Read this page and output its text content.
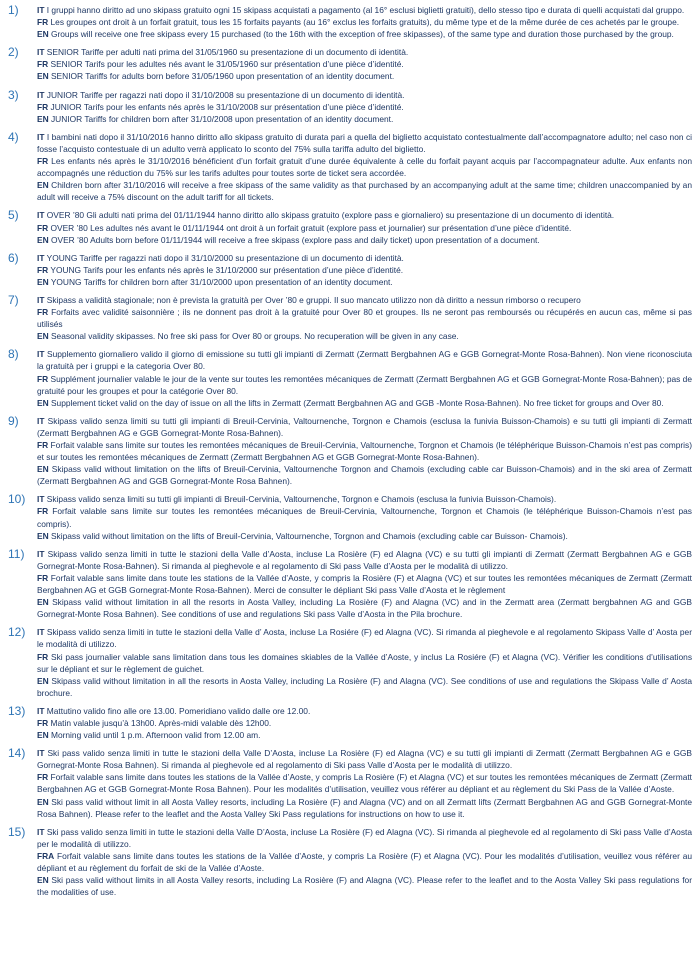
1)	IT I gruppi hanno diritto ad uno skipass gratuito ogni 15 skipass acquistati a pagamento (al 16° esclusi biglietti gratuiti), dello stesso tipo e durata di quelli acquistati dal gruppo.

FR Les groupes ont droit à un forfait gratuit, tous les 15 forfaits payants (au 16° exclus les forfaits gratuits), du même type et de la même durée de ces achetés par le groupe.

EN Groups will receive one free skipass every 15 purchased (to the 16th with the exception of free skipasses), of the same type and duration those purchased by the group.

2)	IT SENIOR Tariffe per adulti nati prima del 31/05/1960 su presentazione di un documento di identità.

FR SENIOR Tarifs pour les adultes nés avant le 31/05/1960 sur présentation d’une pièce d’identité.

EN SENIOR Tariffs for adults born before 31/05/1960 upon presentation of an identity document.

3)	IT JUNIOR Tariffe per ragazzi nati dopo il 31/10/2008 su presentazione di un documento di identità.

FR JUNIOR Tarifs pour les enfants nés après le 31/10/2008 sur présentation d’une pièce d’identité.

EN JUNIOR Tariffs for children born after 31/10/2008 upon presentation of an identity document.

4)	IT I bambini nati dopo il 31/10/2016 hanno diritto allo skipass gratuito di durata pari a quella del biglietto acquistato contestualmente dall’accompagnatore adulto; nel caso non ci fosse l’acquisto contestuale di un adulto verrà applicato lo sconto del 75% sulla tariffa adulto del biglietto.

FR Les enfants nés après le 31/10/2016 bénéficient d’un forfait gratuit d’une durée équivalente à celle du forfait payant acquis par l’accompagnateur adulte. Aux enfants non accompagnés une réduction du 75% sur les tarifs adultes pour toutes sorte de ticket sera accordée.

EN Children born after 31/10/2016 will receive a free skipass of the same validity as that purchased by an accompanying adult at the same time; children unaccompanied by an adult will receive a 75% discount on the adult tariff for all tickets.

5)	IT OVER ’80 Gli adulti nati prima del 01/11/1944 hanno diritto allo skipass gratuito (explore pass e giornaliero) su presentazione di un documento di identità.

FR OVER ’80 Les adultes nés avant le 01/11/1944 ont droit à un forfait gratuit (explore pass et journalier) sur présentation d’une pièce d’identité.

EN OVER ’80 Adults born before 01/11/1944 will receive a free skipass (explore pass and daily ticket) upon presentation of a document.

6)	IT YOUNG Tariffe per ragazzi nati dopo il 31/10/2000 su presentazione di un documento di identità.

FR YOUNG Tarifs pour les enfants nés après le 31/10/2000 sur présentation d’une pièce d’identité.

EN YOUNG Tariffs for children born after 31/10/2000 upon presentation of an identity document.

7)	IT Skipass a validità stagionale; non è prevista la gratuità per Over ’80 e gruppi. Il suo mancato utilizzo non dà diritto a nessun rimborso o recupero

FR Forfaits avec validité saisonnière ; ils ne donnent pas droit à la gratuité pour Over 80 et groupes. Ils ne seront pas remboursés ou récupérés en aucun cas, même si pas utilisés

EN Seasonal validity skipasses. No free ski pass for Over 80 or groups. No recuperation will be given in any case.

8)	IT Supplemento giornaliero valido il giorno di emissione su tutti gli impianti di Zermatt (Zermatt Bergbahnen AG e GGB Gornegrat-Monte Rosa-Bahnen). Non viene riconosciuta la gratuità per i gruppi e la categoria Over 80.

FR Supplément journalier valable le jour de la vente sur toutes les remontées mécaniques de Zermatt (Zermatt Bergbahnen AG et GGB Gornegrat-Monte Rosa-Bahnen); pas de gratuité pour les groupes et pour la catégorie Over 80.

EN Supplement ticket valid on the day of issue on all the lifts in Zermatt (Zermatt Bergbahnen AG and GGB -Monte Rosa-Bahnen). No free ticket for groups and Over 80.

9)	IT Skipass valido senza limiti su tutti gli impianti di Breuil-Cervinia, Valtournenche, Torgnon e Chamois (esclusa la funivia Buisson-Chamois) e su tutti gli impianti di Zermatt (Zermatt Bergbahnen AG e GGB Gornegrat-Monte Rosa-Bahnen).

FR Forfait valable sans limite sur toutes les remontées mécaniques de Breuil-Cervinia, Valtournenche, Torgnon et Chamois (le téléphérique Buisson-Chamois n’est pas compris) et sur toutes les remontées mécaniques de Zermatt (Zermatt Bergbahnen AG et GGB Gornegrat-Monte Rosa-Bahnen).

EN Skipass valid without limitation on the lifts of Breuil-Cervinia, Valtournenche Torgnon and Chamois (excluding cable car Buisson-Chamois) and in the ski area of Zermatt (Zermatt Bergbahnen AG and GGB Gornegrat-Monte Rosa Bahnen).

10)	IT Skipass valido senza limiti su tutti gli impianti di Breuil-Cervinia, Valtournenche, Torgnon e Chamois (esclusa la funivia Buisson-Chamois).

FR Forfait valable sans limite sur toutes les remontées mécaniques de Breuil-Cervinia, Valtournenche, Torgnon et Chamois (le téléphérique Buisson-Chamois n’est pas compris).

EN Skipass valid without limitation on the lifts of Breuil-Cervinia, Valtournenche, Torgnon and Chamois (excluding cable car Buisson- Chamois).

11)	IT Skipass valido senza limiti in tutte le stazioni della Valle d’Aosta, incluse La Rosière (F) ed Alagna (VC) e su tutti gli impianti di Zermatt (Zermatt Bergbahnen AG e GGB Gornegrat-Monte Rosa-Bahnen). Si rimanda al pieghevole e al regolamento di Ski pass Valle d’Aosta per le modalità di utilizzo.

FR Forfait valable sans limite dans toute les stations de la Vallée d’Aoste, y compris la Rosière (F) et Alagna (VC) et sur toutes les remontées mécaniques de Zermatt (Zermatt Bergbahnen AG et GGB Gornegrat-Monte Rosa-Bahnen). Merci de consulter le dépliant Ski pass Valle d’Aosta et le règlement

EN Skipass valid without limitation in all the resorts in Aosta Valley, including La Rosière (F) and Alagna (VC) and in the Zermatt area (Zermatt bergbahnen AG and GGB Gornegrat-Monte Rosa Bahnen). See conditions of use and regulations Ski pass Valle d’Aosta in the Pila brochure.

12)	IT Skipass valido senza limiti in tutte le stazioni della Valle d’ Aosta, incluse La Rosiére (F) ed Alagna (VC). Si rimanda al pieghevole e al regolamento Skipass Valle d’ Aosta per le modalità di utilizzo.

FR Ski pass journalier valable sans limitation dans tous les domaines skiables de la Vallée d’Aoste, y inclus La Rosiére (F) et Alagna (VC). Vérifier les conditions d’utilisations sur le dépliant et sur le règlement de guichet.

EN Skipass valid without limitation in all the resorts in Aosta Valley, including La Rosière (F) and Alagna (VC). See conditions of use and regulations the Skipass Valle d’ Aosta brochure.

13)	IT Mattutino valido fino alle ore 13.00. Pomeridiano valido dalle ore 12.00.

FR Matin valable jusqu’à 13h00. Après-midi valable dès 12h00.

EN Morning valid until 1 p.m. Afternoon valid from 12.00 am.

14)	IT Ski pass valido senza limiti in tutte le stazioni della Valle D’Aosta, incluse La Rosière (F) ed Alagna (VC) e su tutti gli impianti di Zermatt (Zermatt Bergbahnen AG e GGB Gornegrat-Monte Rosa Bahnen). Si rimanda al pieghevole ed al regolamento di Ski pass Valle d’Aosta per le modalità di utilizzo.

FR Forfait valable sans limite dans toutes les stations de la Vallée d’Aoste, y compris La Rosière (F) et Alagna (VC) et sur toutes les remontées mécaniques de Zermatt (Zermatt Bergbahnen AG et GGB Gornegrat-Monte Rosa Bahnen). Pour les modalités d’utilisation, veuillez vous référer au dépliant et au règlement du Ski Pass de la Vallée d’Aoste.

EN Ski pass valid without limit in all Aosta Valley resorts, including La Rosière (F) and Alagna (VC) and on all Zermatt lifts (Zermatt Bergbahnen AG and GGB Gornegrat-Monte Rosa Bahnen). Please refer to the leaflet and the Aosta Valley Ski Pass regulations for instructions on how to use it.

15)	IT Ski pass valido senza limiti in tutte le stazioni della Valle D’Aosta, incluse La Rosière (F) ed Alagna (VC). Si rimanda al pieghevole ed al regolamento di Ski pass Valle d’Aosta per le modalità di utilizzo.

FRA Forfait valable sans limite dans toutes les stations de la Vallée d’Aoste, y compris La Rosière (F) et Alagna (VC). Pour les modalités d’utilisation, veuillez vous référer au dépliant et au règlement du forfait de ski de la Vallée d’Aoste.

EN Ski pass valid without limits in all Aosta Valley resorts, including La Rosière (F) and Alagna (VC). Please refer to the leaflet and to the Aosta Valley Ski pass regulations for the modalities of use.
